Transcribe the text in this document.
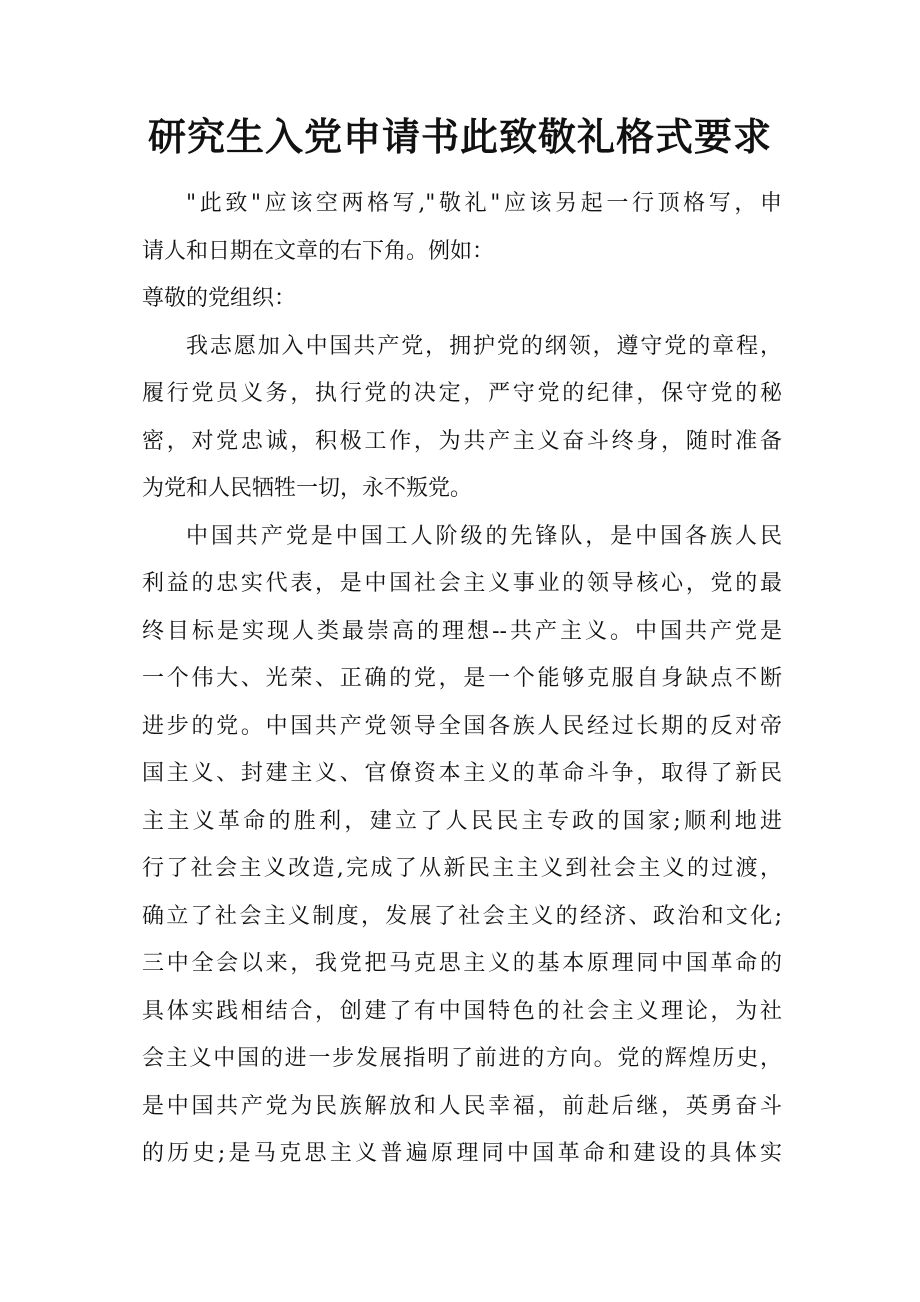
研究生入党申请书此致敬礼格式要求
"此致"应该空两格写,"敬礼"应该另起一行顶格写，申
请人和日期在文章的右下角。例如：
尊敬的党组织：
我志愿加入中国共产党，拥护党的纲领，遵守党的章程，
履行党员义务，执行党的决定，严守党的纪律，保守党的秘
密，对党忠诚，积极工作，为共产主义奋斗终身，随时准备
为党和人民牺牲一切，永不叛党。
中国共产党是中国工人阶级的先锋队，是中国各族人民
利益的忠实代表，是中国社会主义事业的领导核心，党的最
终目标是实现人类最崇高的理想--共产主义。中国共产党是
一个伟大、光荣、正确的党，是一个能够克服自身缺点不断
进步的党。中国共产党领导全国各族人民经过长期的反对帝
国主义、封建主义、官僚资本主义的革命斗争，取得了新民
主主义革命的胜利，建立了人民民主专政的国家;顺利地进
行了社会主义改造,完成了从新民主主义到社会主义的过渡，
确立了社会主义制度，发展了社会主义的经济、政治和文化;
三中全会以来，我党把马克思主义的基本原理同中国革命的
具体实践相结合，创建了有中国特色的社会主义理论，为社
会主义中国的进一步发展指明了前进的方向。党的辉煌历史，
是中国共产党为民族解放和人民幸福，前赴后继，英勇奋斗
的历史;是马克思主义普遍原理同中国革命和建设的具体实
